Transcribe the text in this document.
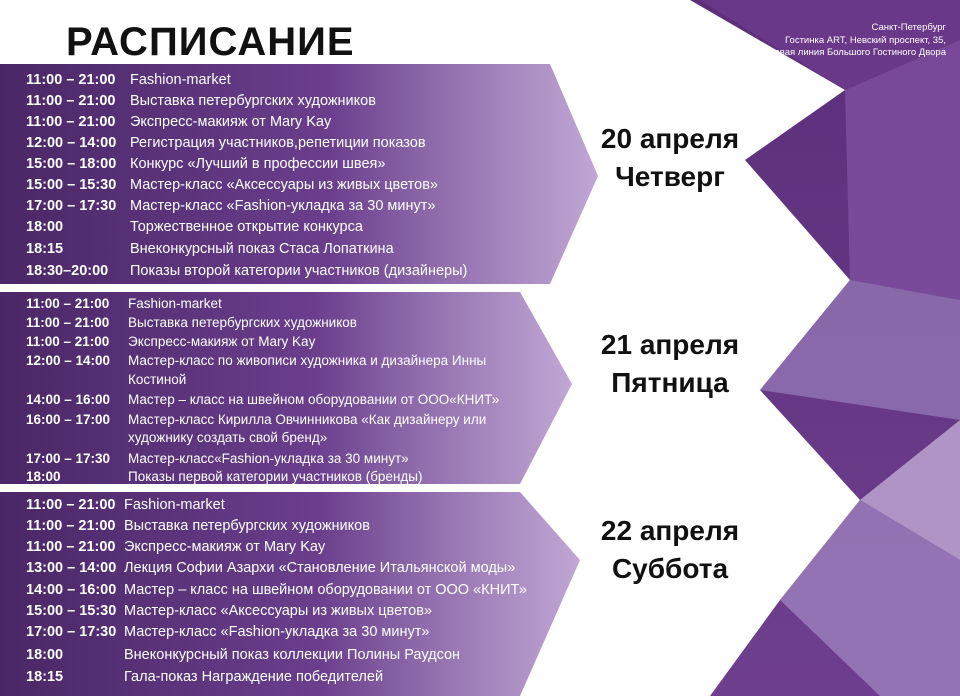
РАСПИСАНИЕ	Санкт-Петербург
Гостинка ART, Невский проспект, 35,
Садовая линия Большого Гостиного Двора
11:00 – 21:00 Fashion-market
11:00 – 21:00 Выставка петербургских художников
11:00 – 21:00 Экспресс-макияж от Mary Kay
12:00 – 14:00 Регистрация участников,репетиции показов
15:00 – 18:00 Конкурс «Лучший в профессии швея»
15:00 – 15:30 Мастер-класс «Аксессуары из живых цветов»
17:00 – 17:30 Мастер-класс «Fashion-укладка за 30 минут»
18:00	Торжественное открытие конкурса
18:15	Внеконкурсный показ Стаса Лопаткина
18:30–20:00 Показы второй категории участников (дизайнеры)
20 апреля
Четверг
11:00 – 21:00 Fashion-market
11:00 – 21:00 Выставка петербургских художников
11:00 – 21:00 Экспресс-макияж от Mary Kay
12:00 – 14:00 Мастер-класс по живописи художника и дизайнера Инны
Костиной
14:00 – 16:00 Мастер – класс на швейном оборудовании от ООО«КНИТ»
16:00 – 17:00 Мастер-класс Кирилла Овчинникова «Как дизайнеру или
художнику создать свой бренд»
17:00 – 17:30 Мастер-класс«Fashion-укладка за 30 минут»
18:00	Показы первой категории участников (бренды)
21 апреля
Пятница
11:00 – 21:00 Fashion-market
11:00 – 21:00 Выставка петербургских художников
11:00 – 21:00 Экспресс-макияж от Mary Kay
13:00 – 14:00 Лекция Софии Азархи «Становление Итальянской моды»
14:00 – 16:00 Мастер – класс на швейном оборудовании от ООО «КНИТ»
15:00 – 15:30 Мастер-класс «Аксессуары из живых цветов»
17:00 – 17:30 Мастер-класс «Fashion-укладка за 30 минут»
18:00	Внеконкурсный показ коллекции Полины Раудсон
18:15	Гала-показ Награждение победителей
22 апреля
Суббота
